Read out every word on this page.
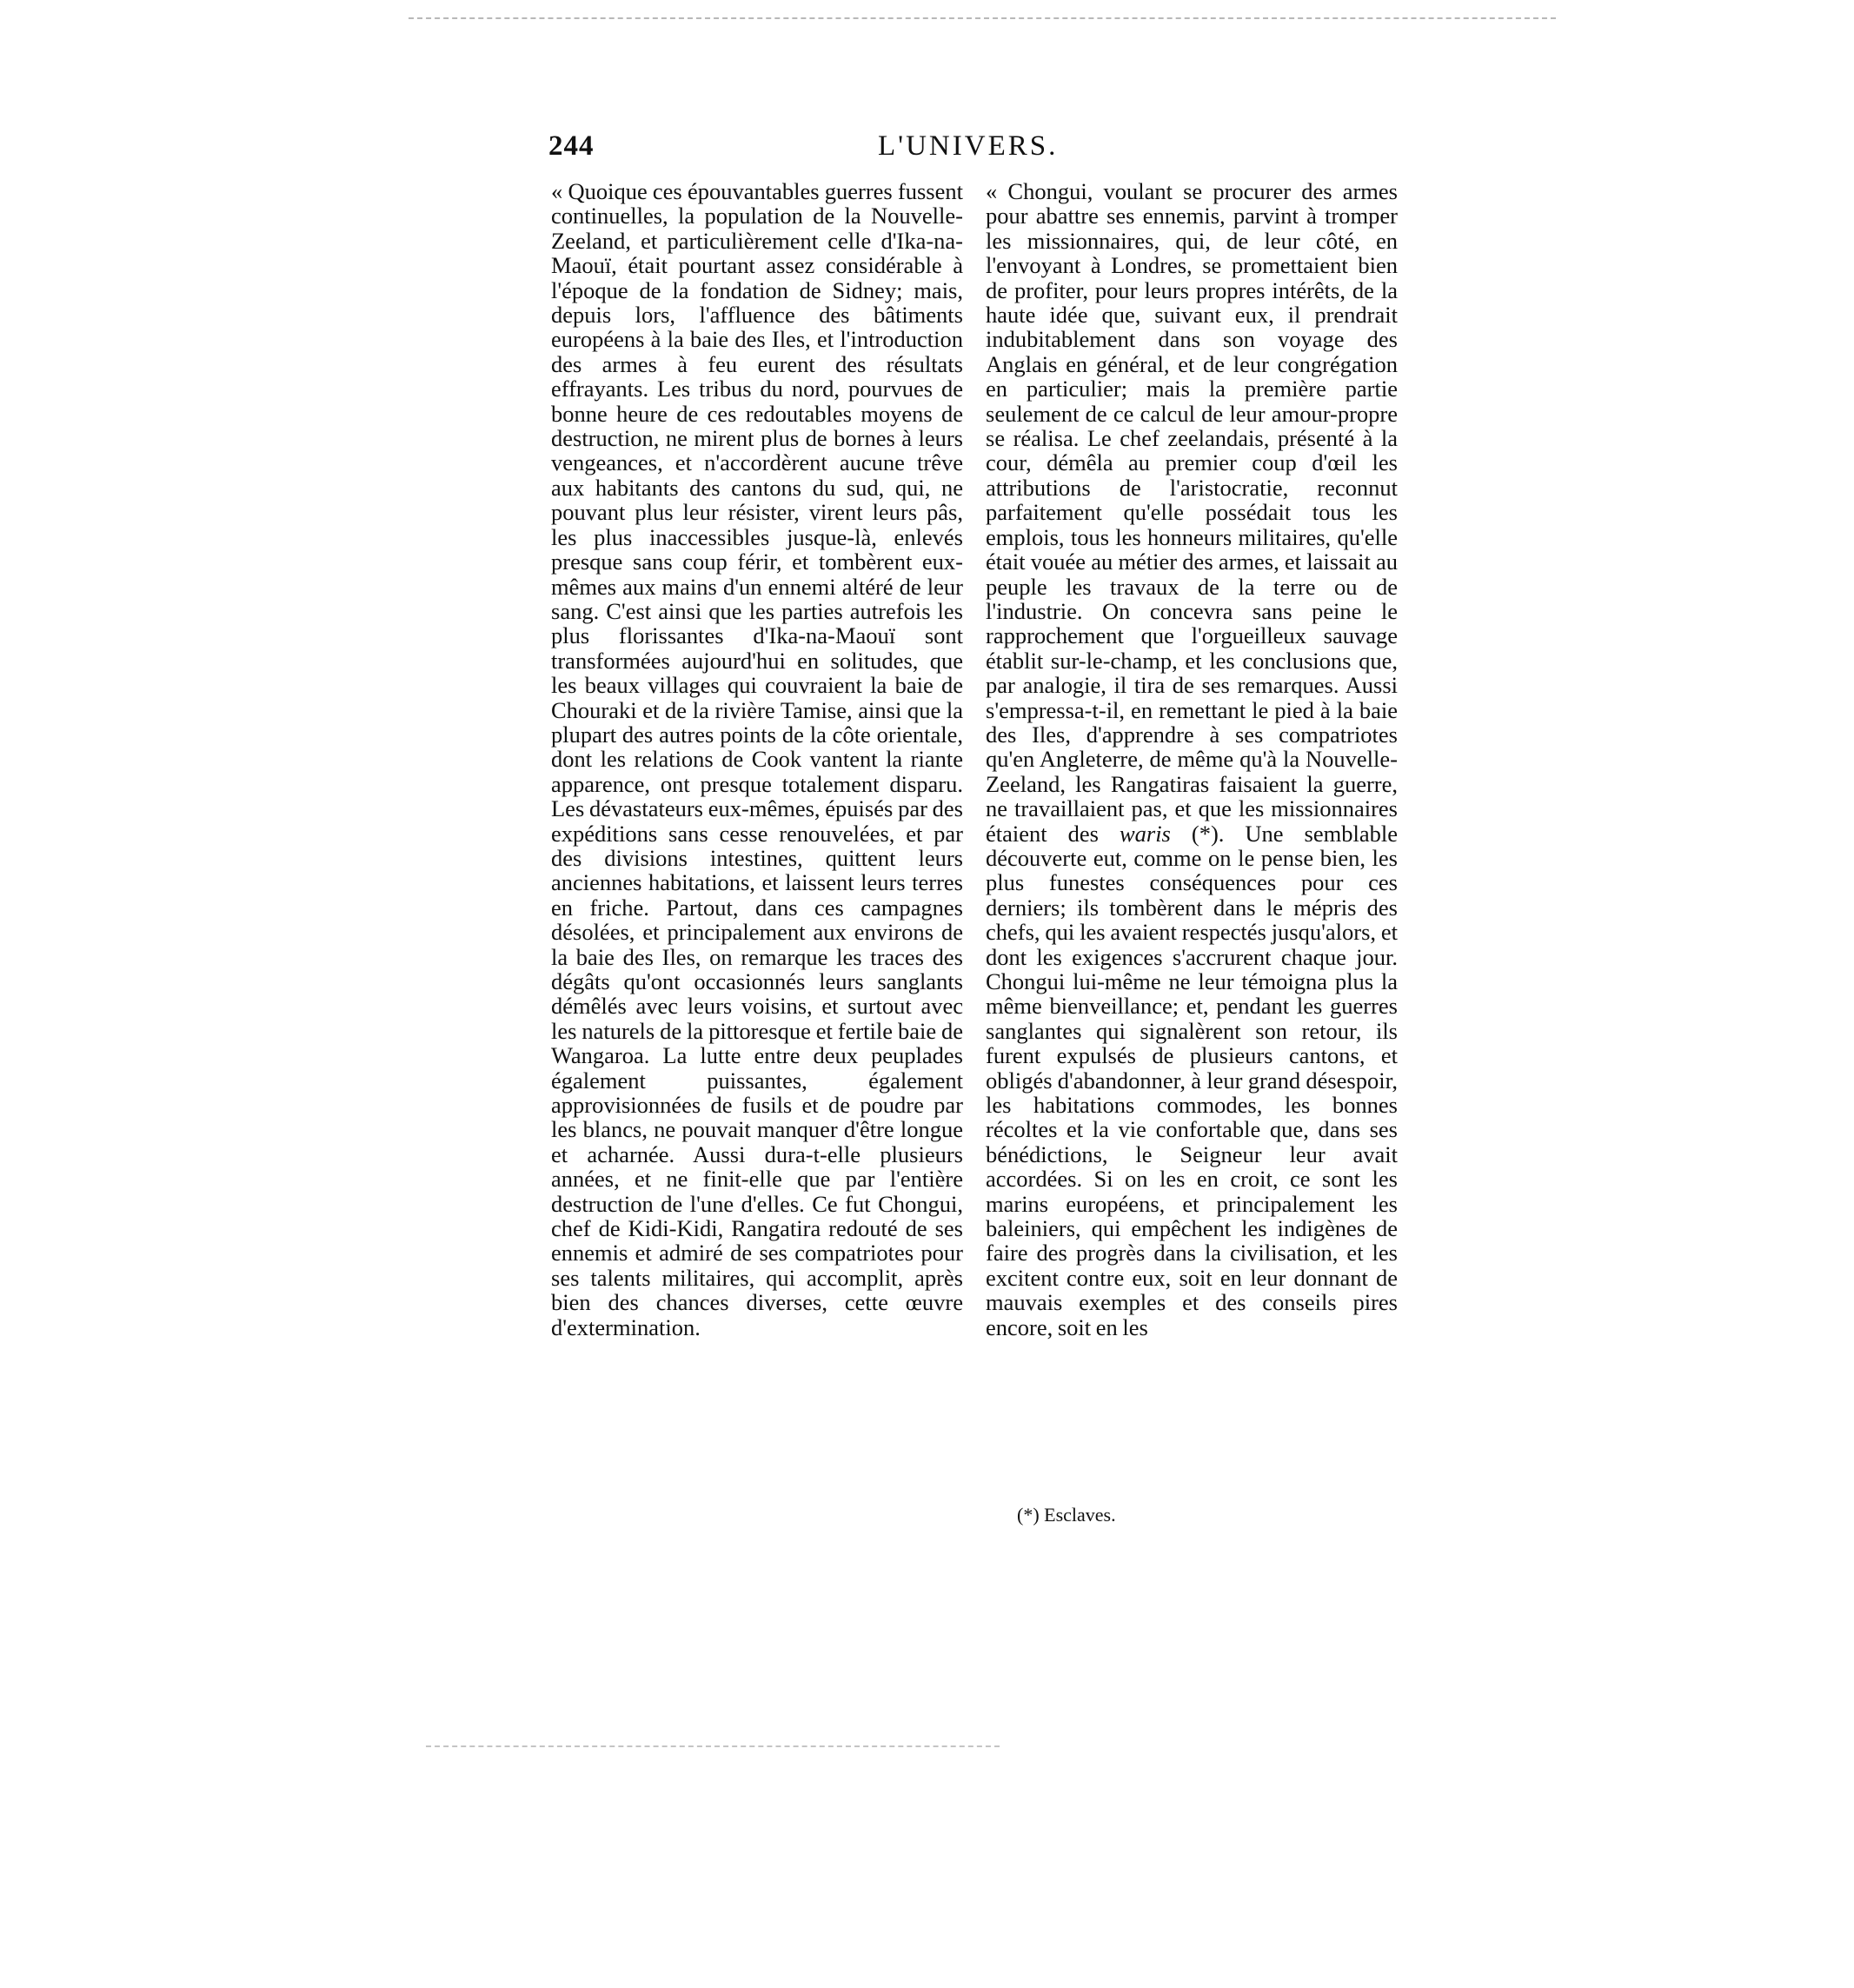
244	L'UNIVERS.

« Quoique ces épouvantables guerres fussent continuelles, la population de la Nouvelle-Zeeland, et particulièrement celle d'Ika-na-Maouï, était pourtant assez considérable à l'époque de la fondation de Sidney; mais, depuis lors, l'affluence des bâtiments européens à la baie des Iles, et l'introduction des armes à feu eurent des résultats effrayants. Les tribus du nord, pourvues de bonne heure de ces redoutables moyens de destruction, ne mirent plus de bornes à leurs vengeances, et n'accordèrent aucune trêve aux habitants des cantons du sud, qui, ne pouvant plus leur résister, virent leurs pâs, les plus inaccessibles jusque-là, enlevés presque sans coup férir, et tombèrent eux-mêmes aux mains d'un ennemi altéré de leur sang. C'est ainsi que les parties autrefois les plus florissantes d'Ika-na-Maouï sont transformées aujourd'hui en solitudes, que les beaux villages qui couvraient la baie de Chouraki et de la rivière Tamise, ainsi que la plupart des autres points de la côte orientale, dont les relations de Cook vantent la riante apparence, ont presque totalement disparu. Les dévastateurs eux-mêmes, épuisés par des expéditions sans cesse renouvelées, et par des divisions intestines, quittent leurs anciennes habitations, et laissent leurs terres en friche. Partout, dans ces campagnes désolées, et principalement aux environs de la baie des Iles, on remarque les traces des dégâts qu'ont occasionnés leurs sanglants démêlés avec leurs voisins, et surtout avec les naturels de la pittoresque et fertile baie de Wangaroa. La lutte entre deux peuplades également puissantes, également approvisionnées de fusils et de poudre par les blancs, ne pouvait manquer d'être longue et acharnée. Aussi dura-t-elle plusieurs années, et ne finit-elle que par l'entière destruction de l'une d'elles. Ce fut Chongui, chef de Kidi-Kidi, Rangatira redouté de ses ennemis et admiré de ses compatriotes pour ses talents militaires, qui accomplit, après bien des chances diverses, cette œuvre d'extermination.

« Chongui, voulant se procurer des armes pour abattre ses ennemis, parvint à tromper les missionnaires, qui, de leur côté, en l'envoyant à Londres, se promettaient bien de profiter, pour leurs propres intérêts, de la haute idée que, suivant eux, il prendrait indubitablement dans son voyage des Anglais en général, et de leur congrégation en particulier; mais la première partie seulement de ce calcul de leur amour-propre se réalisa. Le chef zeelandais, présenté à la cour, démêla au premier coup d'œil les attributions de l'aristocratie, reconnut parfaitement qu'elle possédait tous les emplois, tous les honneurs militaires, qu'elle était vouée au métier des armes, et laissait au peuple les travaux de la terre ou de l'industrie. On concevra sans peine le rapprochement que l'orgueilleux sauvage établit sur-le-champ, et les conclusions que, par analogie, il tira de ses remarques. Aussi s'empressa-t-il, en remettant le pied à la baie des Iles, d'apprendre à ses compatriotes qu'en Angleterre, de même qu'à la Nouvelle-Zeeland, les Rangatiras faisaient la guerre, ne travaillaient pas, et que les missionnaires étaient des waris (*). Une semblable découverte eut, comme on le pense bien, les plus funestes conséquences pour ces derniers; ils tombèrent dans le mépris des chefs, qui les avaient respectés jusqu'alors, et dont les exigences s'accrurent chaque jour. Chongui lui-même ne leur témoigna plus la même bienveillance; et, pendant les guerres sanglantes qui signalèrent son retour, ils furent expulsés de plusieurs cantons, et obligés d'abandonner, à leur grand désespoir, les habitations commodes, les bonnes récoltes et la vie confortable que, dans ses bénédictions, le Seigneur leur avait accordées. Si on les en croit, ce sont les marins européens, et principalement les baleiniers, qui empêchent les indigènes de faire des progrès dans la civilisation, et les excitent contre eux, soit en leur donnant de mauvais exemples et des conseils pires encore, soit en les

(*) Esclaves.
